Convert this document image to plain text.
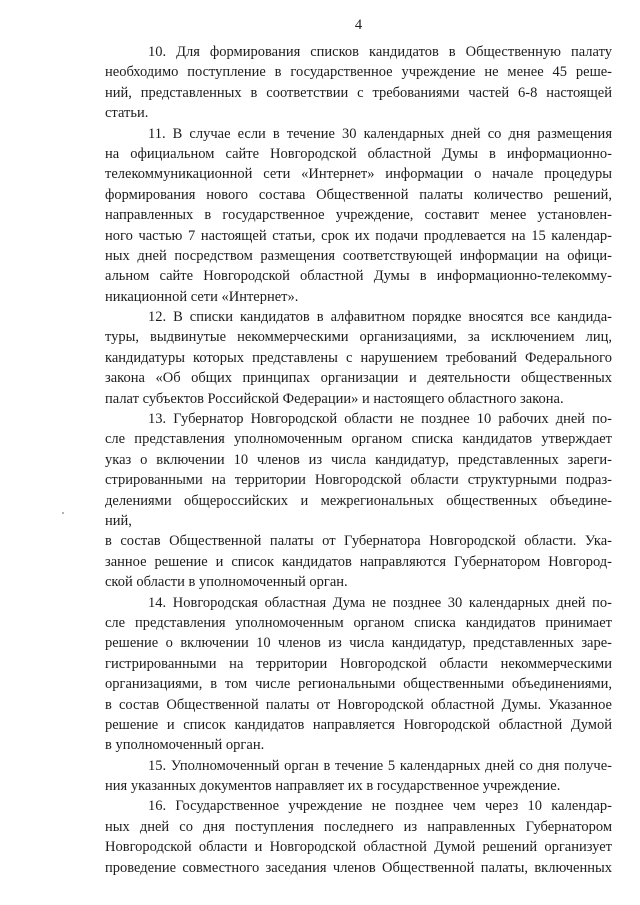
4
10. Для формирования списков кандидатов в Общественную палату
необходимо поступление в государственное учреждение не менее 45 реше-
ний, представленных в соответствии с требованиями частей 6-8 настоящей
статьи.
11. В случае если в течение 30 календарных дней со дня размещения
на официальном сайте Новгородской областной Думы в информационно-
телекоммуникационной сети «Интернет» информации о начале процедуры
формирования нового состава Общественной палаты количество решений,
направленных в государственное учреждение, составит менее установлен-
ного частью 7 настоящей статьи, срок их подачи продлевается на 15 календар-
ных дней посредством размещения соответствующей информации на офици-
альном сайте Новгородской областной Думы в информационно-телекомму-
никационной сети «Интернет».
12. В списки кандидатов в алфавитном порядке вносятся все кандида-
туры, выдвинутые некоммерческими организациями, за исключением лиц,
кандидатуры которых представлены с нарушением требований Федерального
закона «Об общих принципах организации и деятельности общественных
палат субъектов Российской Федерации» и настоящего областного закона.
13. Губернатор Новгородской области не позднее 10 рабочих дней по-
сле представления уполномоченным органом списка кандидатов утверждает
указ о включении 10 членов из числа кандидатур, представленных зареги-
стрированными на территории Новгородской области структурными подраз-
делениями общероссийских и межрегиональных общественных объедине-
ний,
в состав Общественной палаты от Губернатора Новгородской области. Ука-
занное решение и список кандидатов направляются Губернатором Новгород-
ской области в уполномоченный орган.
14. Новгородская областная Дума не позднее 30 календарных дней по-
сле представления уполномоченным органом списка кандидатов принимает
решение о включении 10 членов из числа кандидатур, представленных заре-
гистрированными на территории Новгородской области некоммерческими
организациями, в том числе региональными общественными объединениями,
в состав Общественной палаты от Новгородской областной Думы. Указанное
решение и список кандидатов направляется Новгородской областной Думой
в уполномоченный орган.
15. Уполномоченный орган в течение 5 календарных дней со дня получе-
ния указанных документов направляет их в государственное учреждение.
16. Государственное учреждение не позднее чем через 10 календар-
ных дней со дня поступления последнего из направленных Губернатором
Новгородской области и Новгородской областной Думой решений организует
проведение совместного заседания членов Общественной палаты, включенных
